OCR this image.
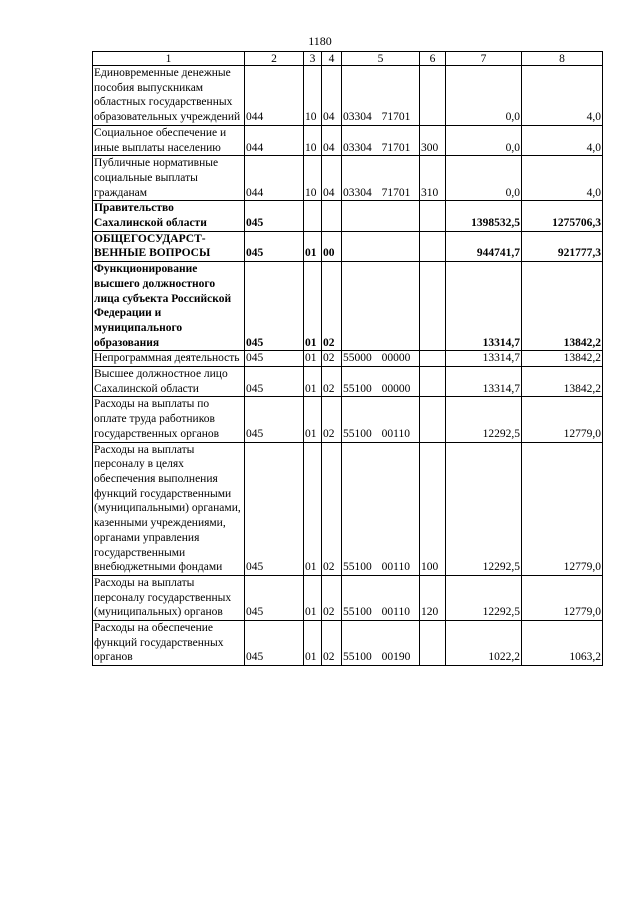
1180
1	2	3	4	5	6	7	8
Единовременные денежные пособия выпускникам областных государственных образовательных учреждений	044	10	04	03304 71701		0,0	4,0
Социальное обеспечение и иные выплаты населению	044	10	04	03304 71701	300	0,0	4,0
Публичные нормативные социальные выплаты гражданам	044	10	04	03304 71701	310	0,0	4,0
Правительство Сахалинской области	045					1398532,5	1275706,3
ОБЩЕГОСУДАРСТ-ВЕННЫЕ ВОПРОСЫ	045	01	00			944741,7	921777,3
Функционирование высшего должностного лица субъекта Российской Федерации и муниципального образования	045	01	02			13314,7	13842,2
Непрограммная деятельность	045	01	02	55000 00000		13314,7	13842,2
Высшее должностное лицо Сахалинской области	045	01	02	55100 00000		13314,7	13842,2
Расходы на выплаты по оплате труда работников государственных органов	045	01	02	55100 00110		12292,5	12779,0
Расходы на выплаты персоналу в целях обеспечения выполнения функций государственными (муниципальными) органами, казенными учреждениями, органами управления государственными внебюджетными фондами	045	01	02	55100 00110	100	12292,5	12779,0
Расходы на выплаты персоналу государственных (муниципальных) органов	045	01	02	55100 00110	120	12292,5	12779,0
Расходы на обеспечение функций государственных органов	045	01	02	55100 00190		1022,2	1063,2
